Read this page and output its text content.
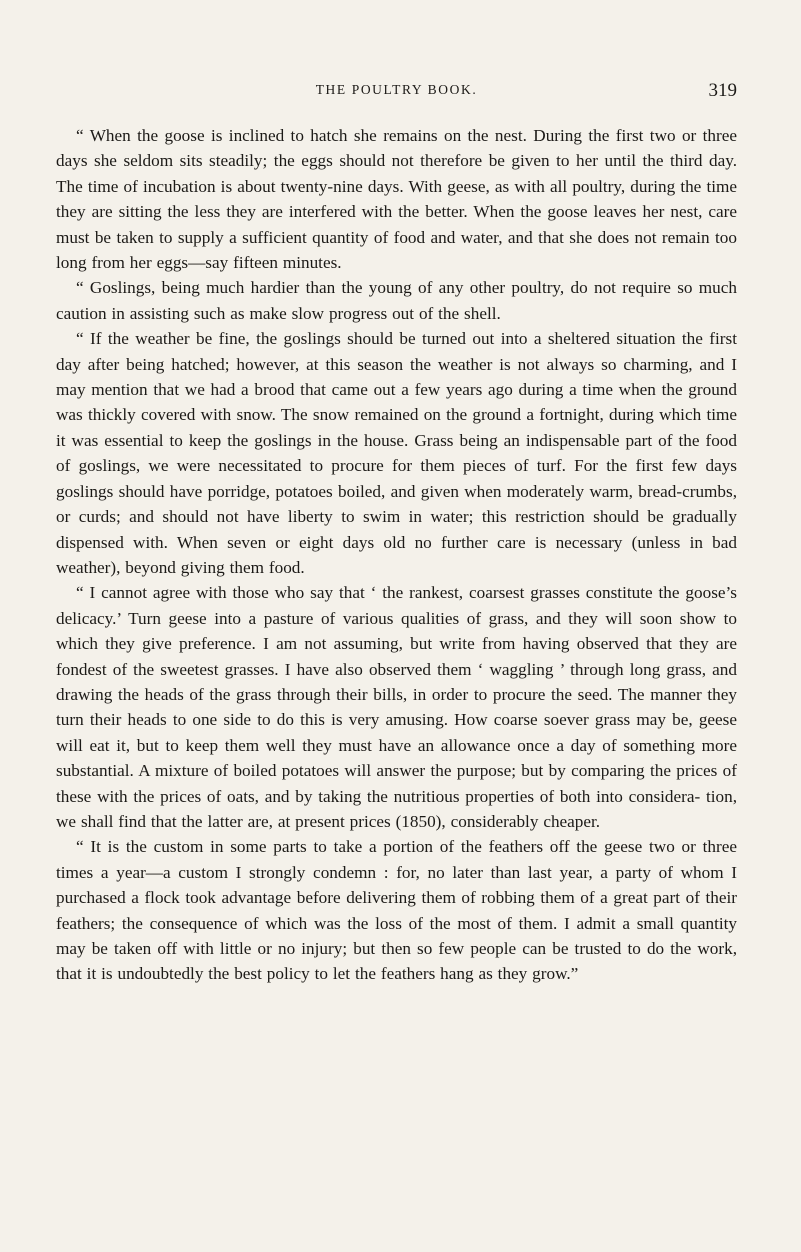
THE POULTRY BOOK.	319

“ When the goose is inclined to hatch she remains on the nest. During the first two or three days she seldom sits steadily; the eggs should not therefore be given to her until the third day. The time of incubation is about twenty-nine days. With geese, as with all poultry, during the time they are sitting the less they are interfered with the better. When the goose leaves her nest, care must be taken to supply a sufficient quantity of food and water, and that she does not remain too long from her eggs—say fifteen minutes.

“ Goslings, being much hardier than the young of any other poultry, do not require so much caution in assisting such as make slow progress out of the shell.

“ If the weather be fine, the goslings should be turned out into a sheltered situation the first day after being hatched; however, at this season the weather is not always so charming, and I may mention that we had a brood that came out a few years ago during a time when the ground was thickly covered with snow. The snow remained on the ground a fortnight, during which time it was essential to keep the goslings in the house. Grass being an indispensable part of the food of goslings, we were necessitated to procure for them pieces of turf. For the first few days goslings should have porridge, potatoes boiled, and given when moderately warm, bread-crumbs, or curds; and should not have liberty to swim in water; this restriction should be gradually dispensed with. When seven or eight days old no further care is necessary (unless in bad weather), beyond giving them food.

“ I cannot agree with those who say that ‘ the rankest, coarsest grasses constitute the goose’s delicacy.’ Turn geese into a pasture of various qualities of grass, and they will soon show to which they give preference. I am not assuming, but write from having observed that they are fondest of the sweetest grasses. I have also observed them ‘ waggling ’ through long grass, and drawing the heads of the grass through their bills, in order to procure the seed. The manner they turn their heads to one side to do this is very amusing. How coarse soever grass may be, geese will eat it, but to keep them well they must have an allowance once a day of something more substantial. A mixture of boiled potatoes will answer the purpose; but by comparing the prices of these with the prices of oats, and by taking the nutritious properties of both into considera- tion, we shall find that the latter are, at present prices (1850), considerably cheaper.

“ It is the custom in some parts to take a portion of the feathers off the geese two or three times a year—a custom I strongly condemn : for, no later than last year, a party of whom I purchased a flock took advantage before delivering them of robbing them of a great part of their feathers; the consequence of which was the loss of the most of them. I admit a small quantity may be taken off with little or no injury; but then so few people can be trusted to do the work, that it is undoubtedly the best policy to let the feathers hang as they grow.”
